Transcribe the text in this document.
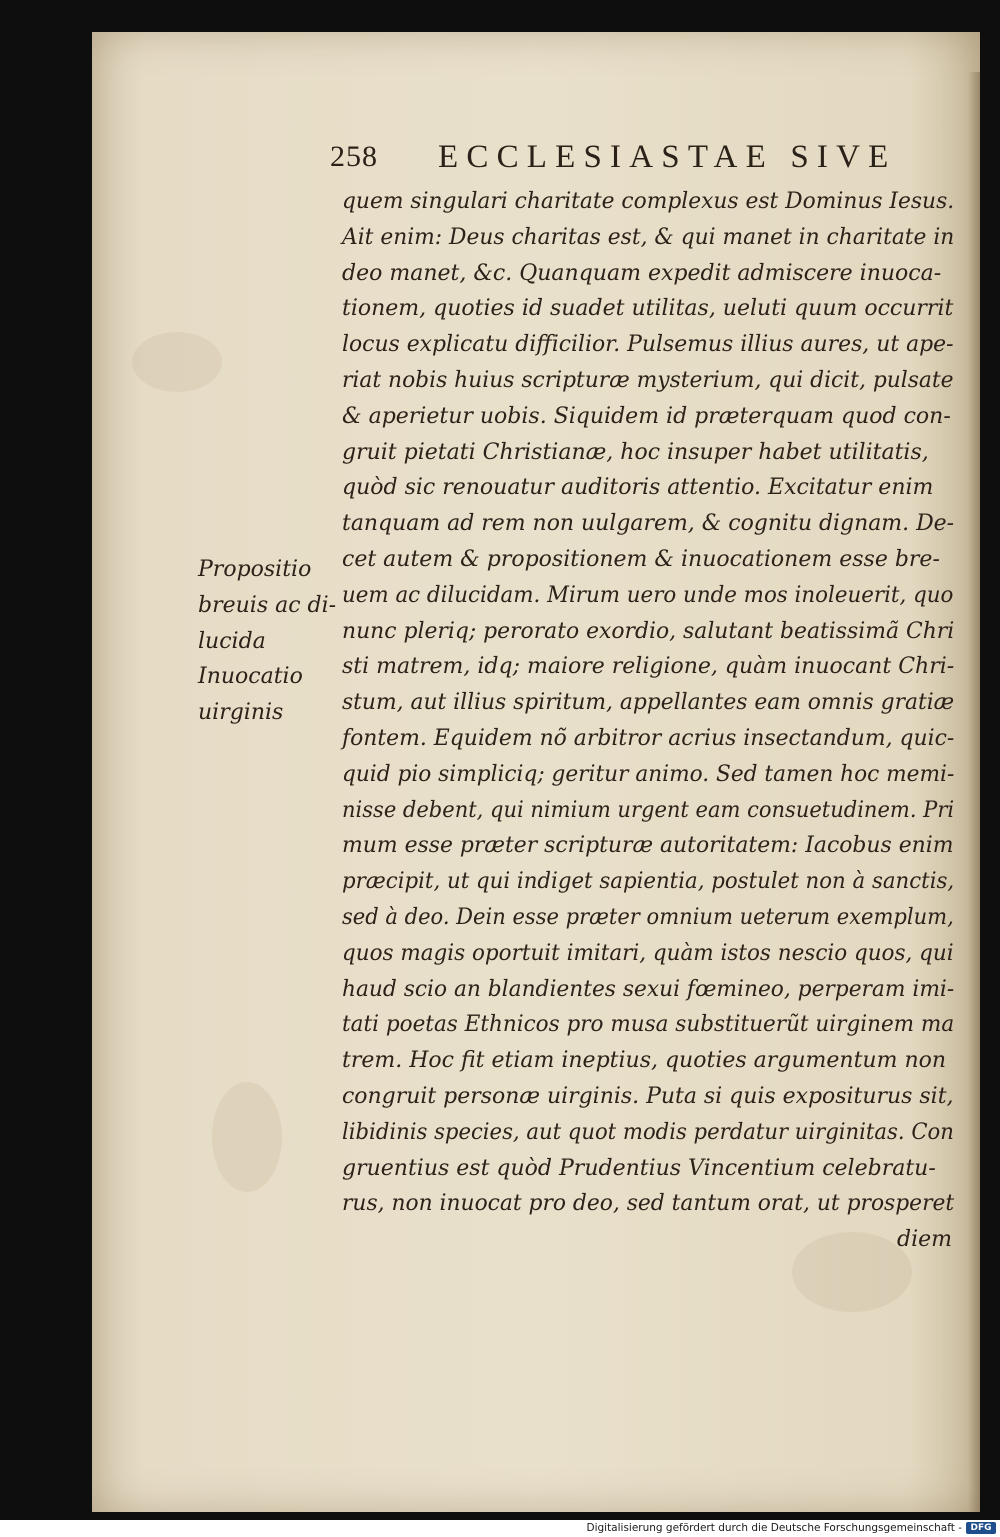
258 ECCLESIASTAE SIVE
Propositio
breuis ac di-
lucida
Inuocatio
uirginis
quem singulari charitate complexus est Dominus Iesus.
Ait enim: Deus charitas est, & qui manet in charitate in
deo manet, &c. Quanquam expedit admiscere inuoca-
tionem, quoties id suadet utilitas, ueluti quum occurrit
locus explicatu difficilior. Pulsemus illius aures, ut ape-
riat nobis huius scripturæ mysterium, qui dicit, pulsate
& aperietur uobis. Siquidem id præterquam quod con-
gruit pietati Christianæ, hoc insuper habet utilitatis,
quòd sic renouatur auditoris attentio. Excitatur enim
tanquam ad rem non uulgarem, & cognitu dignam. De-
cet autem & propositionem & inuocationem esse bre-
uem ac dilucidam. Mirum uero unde mos inoleuerit, quo
nunc pleriq; perorato exordio, salutant beatissimã Chri
sti matrem, idq; maiore religione, quàm inuocant Chri-
stum, aut illius spiritum, appellantes eam omnis gratiæ
fontem. Equidem nõ arbitror acrius insectandum, quic-
quid pio simpliciq; geritur animo. Sed tamen hoc memi-
nisse debent, qui nimium urgent eam consuetudinem. Pri
mum esse præter scripturæ autoritatem: Iacobus enim
præcipit, ut qui indiget sapientia, postulet non à sanctis,
sed à deo. Dein esse præter omnium ueterum exemplum,
quos magis oportuit imitari, quàm istos nescio quos, qui
haud scio an blandientes sexui fœmineo, perperam imi-
tati poetas Ethnicos pro musa substituerũt uirginem ma
trem. Hoc fit etiam ineptius, quoties argumentum non
congruit personæ uirginis. Puta si quis expositurus sit,
libidinis species, aut quot modis perdatur uirginitas. Con
gruentius est quòd Prudentius Vincentium celebratu-
rus, non inuocat pro deo, sed tantum orat, ut prosperet
diem
Digitalisierung gefördert durch die Deutsche Forschungsgemeinschaft - DFG
